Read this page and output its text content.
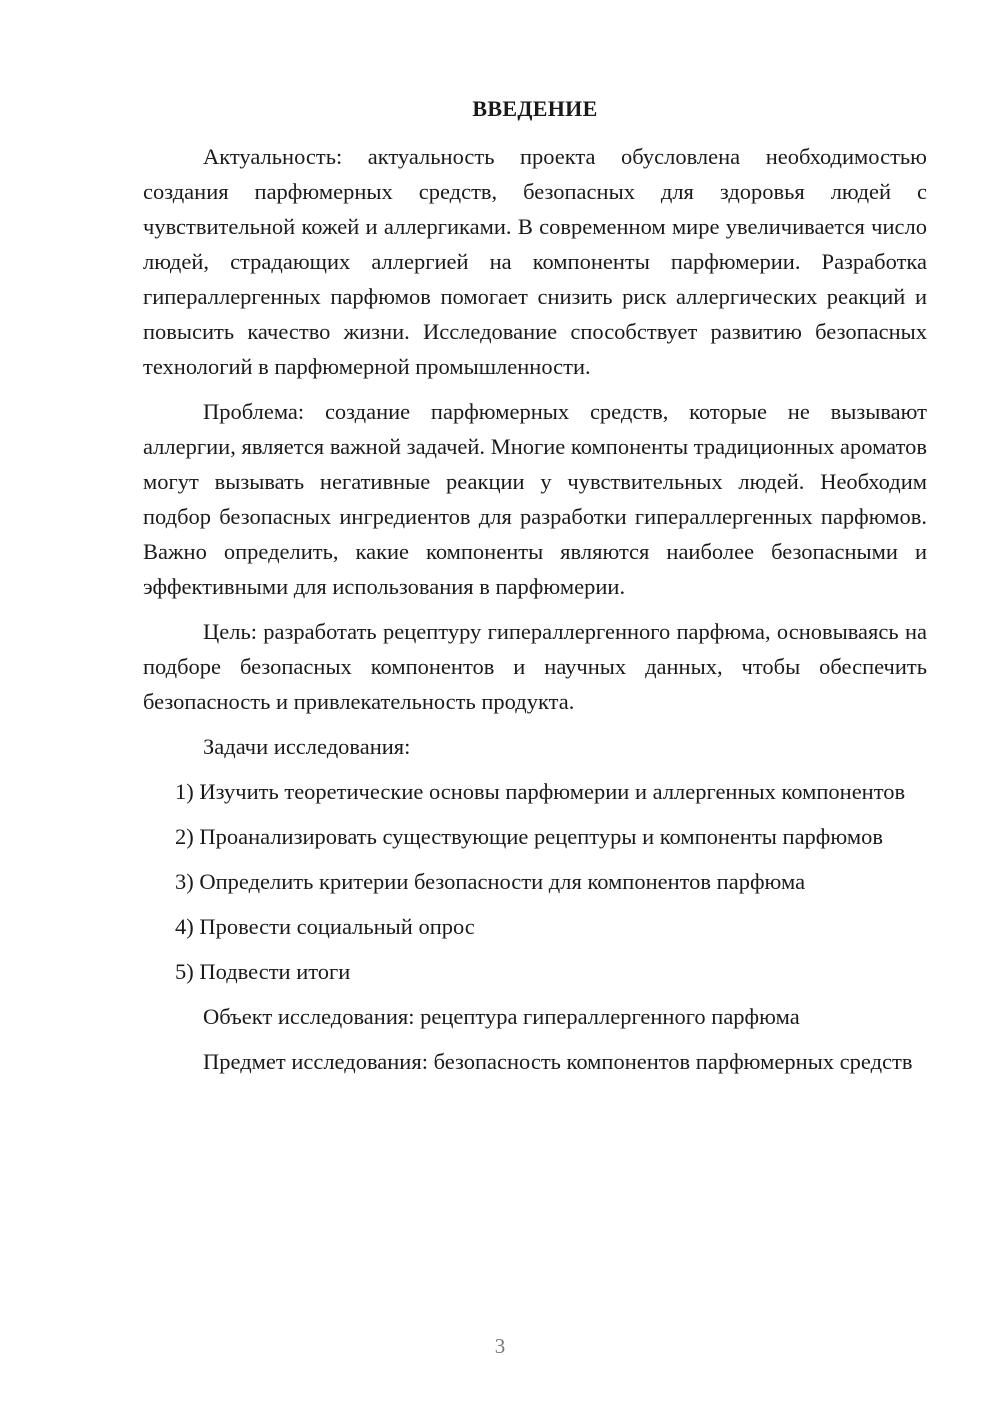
ВВЕДЕНИЕ

Актуальность: актуальность проекта обусловлена необходимостью создания парфюмерных средств, безопасных для здоровья людей с чувствительной кожей и аллергиками. В современном мире увеличивается число людей, страдающих аллергией на компоненты парфюмерии. Разработка гипераллергенных парфюмов помогает снизить риск аллергических реакций и повысить качество жизни. Исследование способствует развитию безопасных технологий в парфюмерной промышленности.

Проблема: создание парфюмерных средств, которые не вызывают аллергии, является важной задачей. Многие компоненты традиционных ароматов могут вызывать негативные реакции у чувствительных людей. Необходим подбор безопасных ингредиентов для разработки гипераллергенных парфюмов. Важно определить, какие компоненты являются наиболее безопасными и эффективными для использования в парфюмерии.

Цель: разработать рецептуру гипераллергенного парфюма, основываясь на подборе безопасных компонентов и научных данных, чтобы обеспечить безопасность и привлекательность продукта.

Задачи исследования:

1) Изучить теоретические основы парфюмерии и аллергенных компонентов

2) Проанализировать существующие рецептуры и компоненты парфюмов

3) Определить критерии безопасности для компонентов парфюма

4) Провести социальный опрос

5) Подвести итоги

Объект исследования: рецептура гипераллергенного парфюма

Предмет исследования: безопасность компонентов парфюмерных средств

3
